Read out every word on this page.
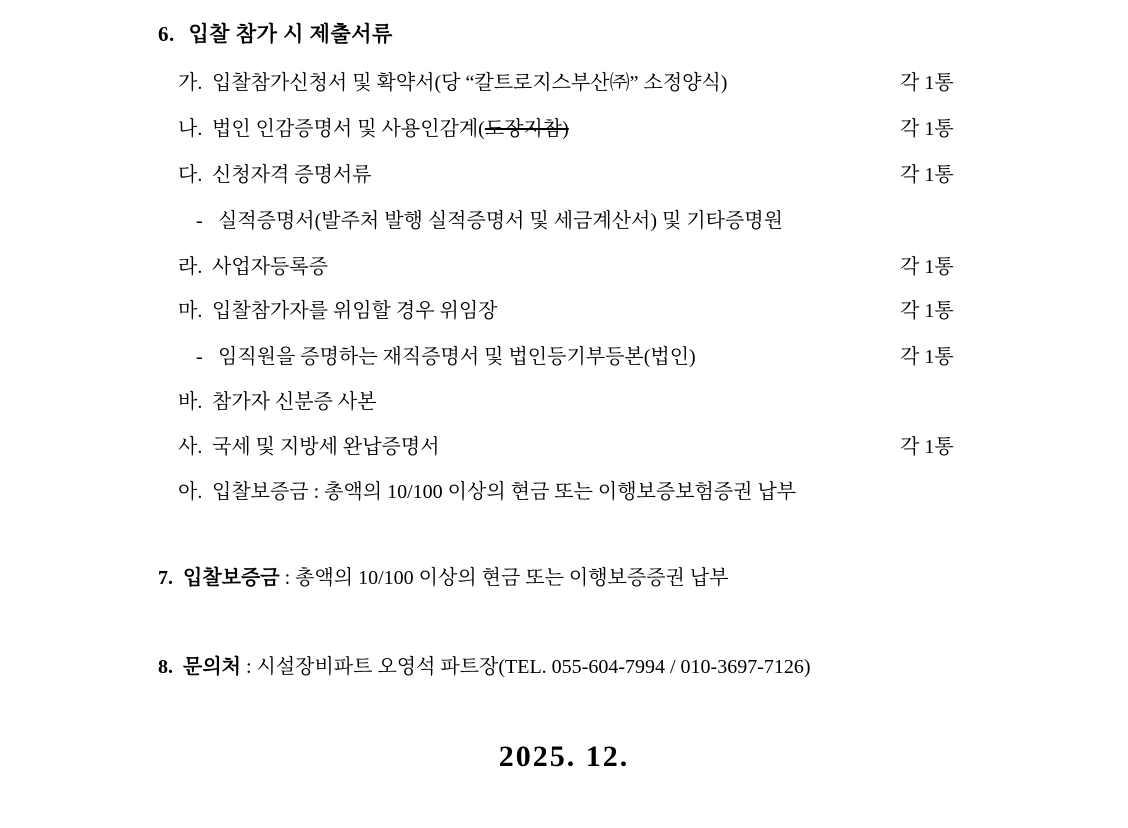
6. 입찰 참가 시 제출서류
가. 입찰참가신청서 및 확약서(당 “칼트로지스부산㈜” 소정양식)	각 1통
나. 법인 인감증명서 및 사용인감계(도장지참)	각 1통
다. 신청자격 증명서류	각 1통
- 실적증명서(발주처 발행 실적증명서 및 세금계산서) 및 기타증명원
라. 사업자등록증	각 1통
마. 입찰참가자를 위임할 경우 위임장	각 1통
- 임직원을 증명하는 재직증명서 및 법인등기부등본(법인)	각 1통
바. 참가자 신분증 사본
사. 국세 및 지방세 완납증명서	각 1통
아. 입찰보증금 : 총액의 10/100 이상의 현금 또는 이행보증보험증권 납부
7. 입찰보증금 : 총액의 10/100 이상의 현금 또는 이행보증증권 납부
8. 문의처 : 시설장비파트 오영석 파트장(TEL. 055-604-7994 / 010-3697-7126)
2025. 12.
